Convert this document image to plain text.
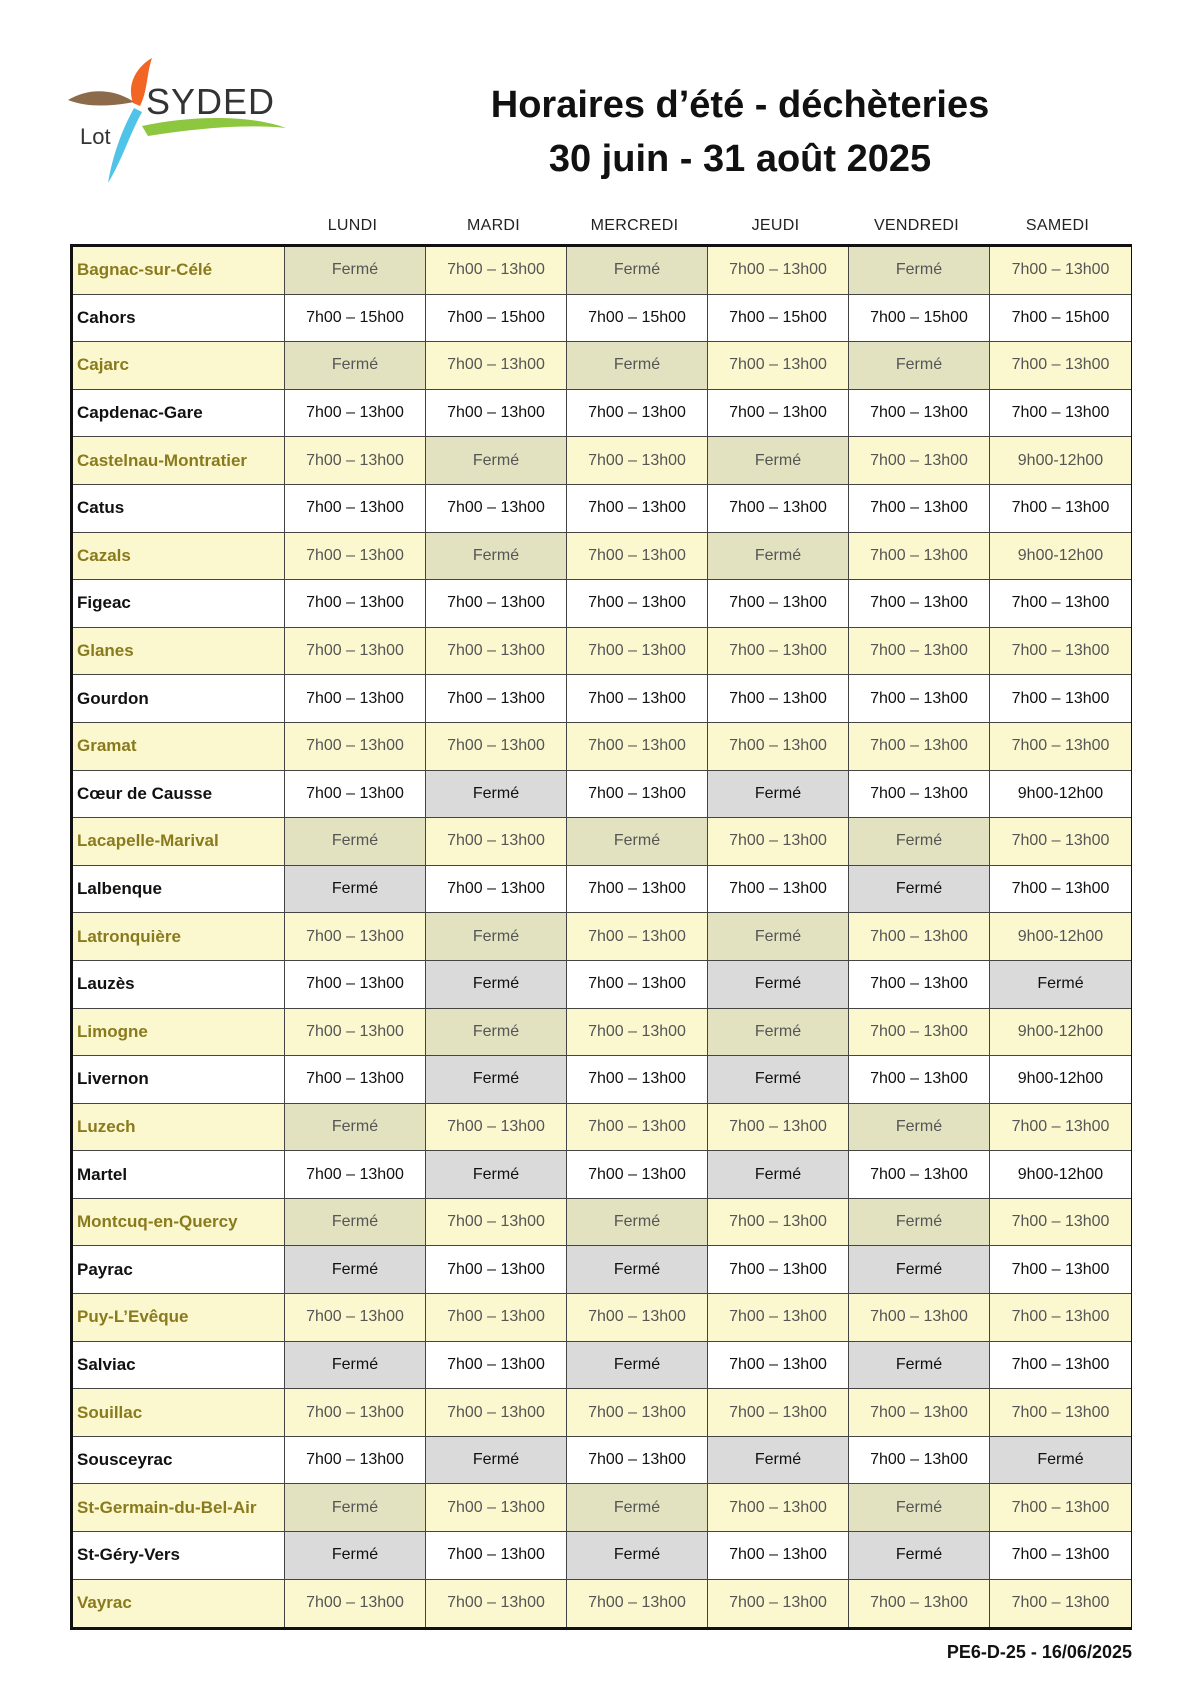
SYDED
Lot
Horaires d’été - déchèteries
30 juin - 31 août 2025
LUNDI	MARDI	MERCREDI	JEUDI	VENDREDI	SAMEDI
Bagnac-sur-Célé	Fermé	7h00 – 13h00	Fermé	7h00 – 13h00	Fermé	7h00 – 13h00
Cahors	7h00 – 15h00	7h00 – 15h00	7h00 – 15h00	7h00 – 15h00	7h00 – 15h00	7h00 – 15h00
Cajarc	Fermé	7h00 – 13h00	Fermé	7h00 – 13h00	Fermé	7h00 – 13h00
Capdenac-Gare	7h00 – 13h00	7h00 – 13h00	7h00 – 13h00	7h00 – 13h00	7h00 – 13h00	7h00 – 13h00
Castelnau-Montratier	7h00 – 13h00	Fermé	7h00 – 13h00	Fermé	7h00 – 13h00	9h00-12h00
Catus	7h00 – 13h00	7h00 – 13h00	7h00 – 13h00	7h00 – 13h00	7h00 – 13h00	7h00 – 13h00
Cazals	7h00 – 13h00	Fermé	7h00 – 13h00	Fermé	7h00 – 13h00	9h00-12h00
Figeac	7h00 – 13h00	7h00 – 13h00	7h00 – 13h00	7h00 – 13h00	7h00 – 13h00	7h00 – 13h00
Glanes	7h00 – 13h00	7h00 – 13h00	7h00 – 13h00	7h00 – 13h00	7h00 – 13h00	7h00 – 13h00
Gourdon	7h00 – 13h00	7h00 – 13h00	7h00 – 13h00	7h00 – 13h00	7h00 – 13h00	7h00 – 13h00
Gramat	7h00 – 13h00	7h00 – 13h00	7h00 – 13h00	7h00 – 13h00	7h00 – 13h00	7h00 – 13h00
Cœur de Causse	7h00 – 13h00	Fermé	7h00 – 13h00	Fermé	7h00 – 13h00	9h00-12h00
Lacapelle-Marival	Fermé	7h00 – 13h00	Fermé	7h00 – 13h00	Fermé	7h00 – 13h00
Lalbenque	Fermé	7h00 – 13h00	7h00 – 13h00	7h00 – 13h00	Fermé	7h00 – 13h00
Latronquière	7h00 – 13h00	Fermé	7h00 – 13h00	Fermé	7h00 – 13h00	9h00-12h00
Lauzès	7h00 – 13h00	Fermé	7h00 – 13h00	Fermé	7h00 – 13h00	Fermé
Limogne	7h00 – 13h00	Fermé	7h00 – 13h00	Fermé	7h00 – 13h00	9h00-12h00
Livernon	7h00 – 13h00	Fermé	7h00 – 13h00	Fermé	7h00 – 13h00	9h00-12h00
Luzech	Fermé	7h00 – 13h00	7h00 – 13h00	7h00 – 13h00	Fermé	7h00 – 13h00
Martel	7h00 – 13h00	Fermé	7h00 – 13h00	Fermé	7h00 – 13h00	9h00-12h00
Montcuq-en-Quercy	Fermé	7h00 – 13h00	Fermé	7h00 – 13h00	Fermé	7h00 – 13h00
Payrac	Fermé	7h00 – 13h00	Fermé	7h00 – 13h00	Fermé	7h00 – 13h00
Puy-L’Evêque	7h00 – 13h00	7h00 – 13h00	7h00 – 13h00	7h00 – 13h00	7h00 – 13h00	7h00 – 13h00
Salviac	Fermé	7h00 – 13h00	Fermé	7h00 – 13h00	Fermé	7h00 – 13h00
Souillac	7h00 – 13h00	7h00 – 13h00	7h00 – 13h00	7h00 – 13h00	7h00 – 13h00	7h00 – 13h00
Sousceyrac	7h00 – 13h00	Fermé	7h00 – 13h00	Fermé	7h00 – 13h00	Fermé
St-Germain-du-Bel-Air	Fermé	7h00 – 13h00	Fermé	7h00 – 13h00	Fermé	7h00 – 13h00
St-Géry-Vers	Fermé	7h00 – 13h00	Fermé	7h00 – 13h00	Fermé	7h00 – 13h00
Vayrac	7h00 – 13h00	7h00 – 13h00	7h00 – 13h00	7h00 – 13h00	7h00 – 13h00	7h00 – 13h00
PE6-D-25 - 16/06/2025
